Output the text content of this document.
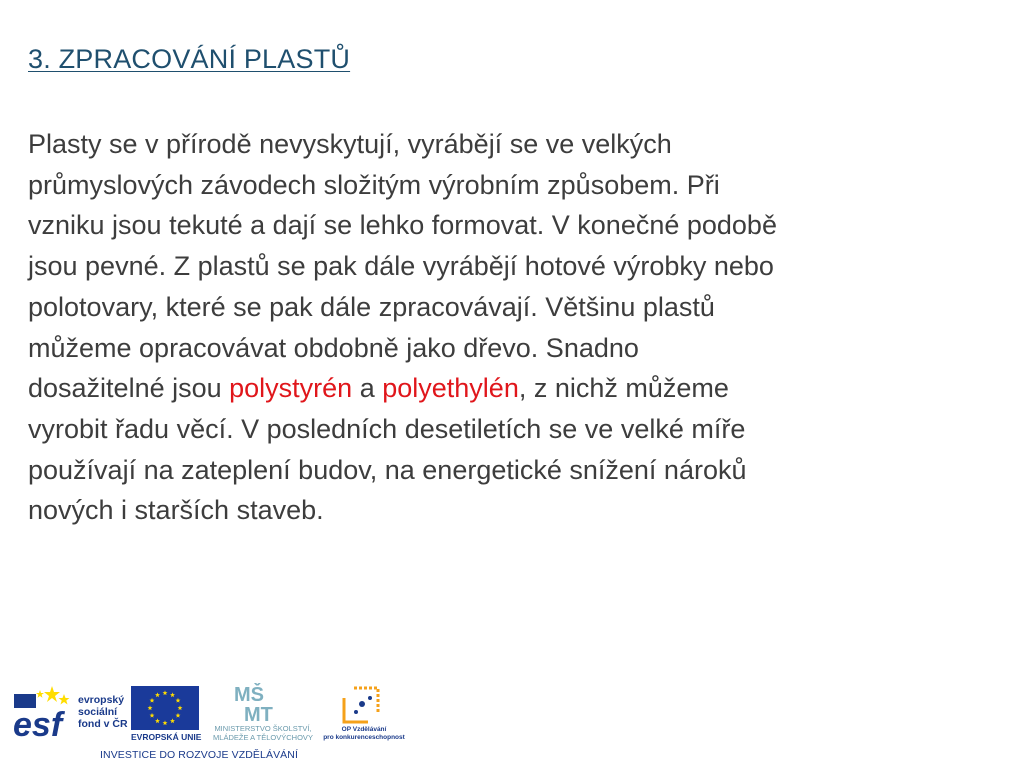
3. ZPRACOVÁNÍ PLASTŮ

Plasty se v přírodě nevyskytují, vyrábějí se ve velkých
průmyslových závodech složitým výrobním způsobem. Při
vzniku jsou tekuté a dají se lehko formovat. V konečné podobě
jsou pevné. Z plastů se pak dále vyrábějí hotové výrobky nebo
polotovary, které se pak dále zpracovávají. Většinu plastů
můžeme opracovávat obdobně jako dřevo. Snadno
dosažitelné jsou polystyrén a polyethylén, z nichž můžeme
vyrobit řadu věcí. V posledních desetiletích se ve velké míře
používají na zateplení budov, na energetické snížení nároků
nových i starších staveb.

esf
evropský
sociální
fond v ČR
EVROPSKÁ UNIE
MŠ
MT
MINISTERSTVO ŠKOLSTVÍ,
MLÁDEŽE A TĚLOVÝCHOVY
OP Vzdělávání
pro konkurenceschopnost
INVESTICE DO ROZVOJE VZDĚLÁVÁNÍ
